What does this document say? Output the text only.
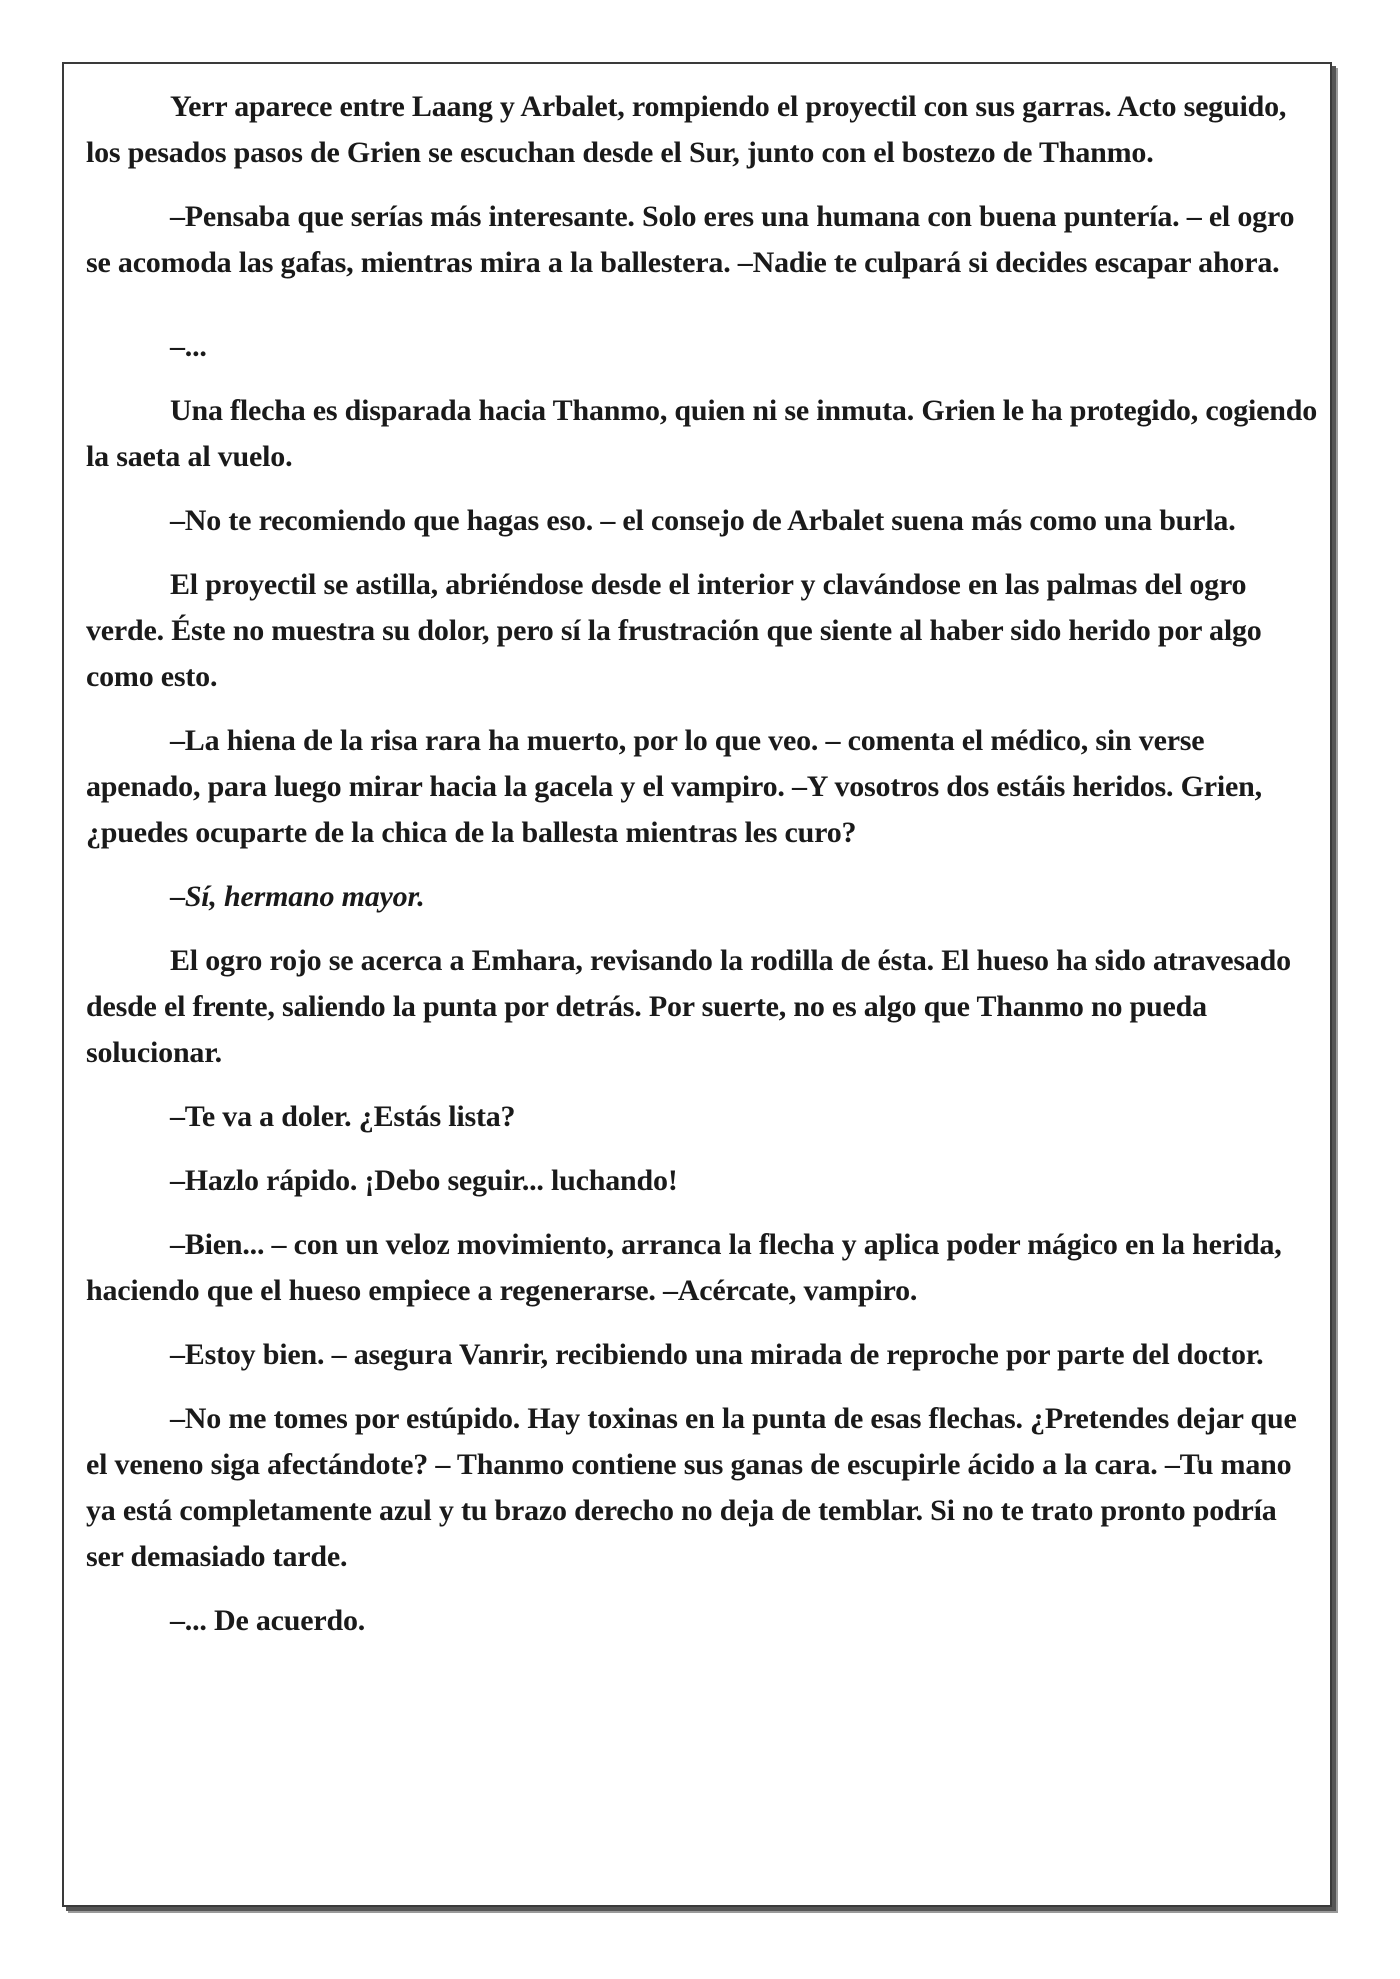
Yerr aparece entre Laang y Arbalet, rompiendo el proyectil con sus garras. Acto seguido, los pesados pasos de Grien se escuchan desde el Sur, junto con el bostezo de Thanmo.

–Pensaba que serías más interesante. Solo eres una humana con buena puntería. – el ogro se acomoda las gafas, mientras mira a la ballestera. –Nadie te culpará si decides escapar ahora.

–...

Una flecha es disparada hacia Thanmo, quien ni se inmuta. Grien le ha protegido, cogiendo la saeta al vuelo.

–No te recomiendo que hagas eso. – el consejo de Arbalet suena más como una burla.

El proyectil se astilla, abriéndose desde el interior y clavándose en las palmas del ogro verde. Éste no muestra su dolor, pero sí la frustración que siente al haber sido herido por algo como esto.

–La hiena de la risa rara ha muerto, por lo que veo. – comenta el médico, sin verse apenado, para luego mirar hacia la gacela y el vampiro. –Y vosotros dos estáis heridos. Grien, ¿puedes ocuparte de la chica de la ballesta mientras les curo?

–Sí, hermano mayor.

El ogro rojo se acerca a Emhara, revisando la rodilla de ésta. El hueso ha sido atravesado desde el frente, saliendo la punta por detrás. Por suerte, no es algo que Thanmo no pueda solucionar.

–Te va a doler. ¿Estás lista?

–Hazlo rápido. ¡Debo seguir... luchando!

–Bien... – con un veloz movimiento, arranca la flecha y aplica poder mágico en la herida, haciendo que el hueso empiece a regenerarse. –Acércate, vampiro.

–Estoy bien. – asegura Vanrir, recibiendo una mirada de reproche por parte del doctor.

–No me tomes por estúpido. Hay toxinas en la punta de esas flechas. ¿Pretendes dejar que el veneno siga afectándote? – Thanmo contiene sus ganas de escupirle ácido a la cara. –Tu mano ya está completamente azul y tu brazo derecho no deja de temblar. Si no te trato pronto podría ser demasiado tarde.

–... De acuerdo.
